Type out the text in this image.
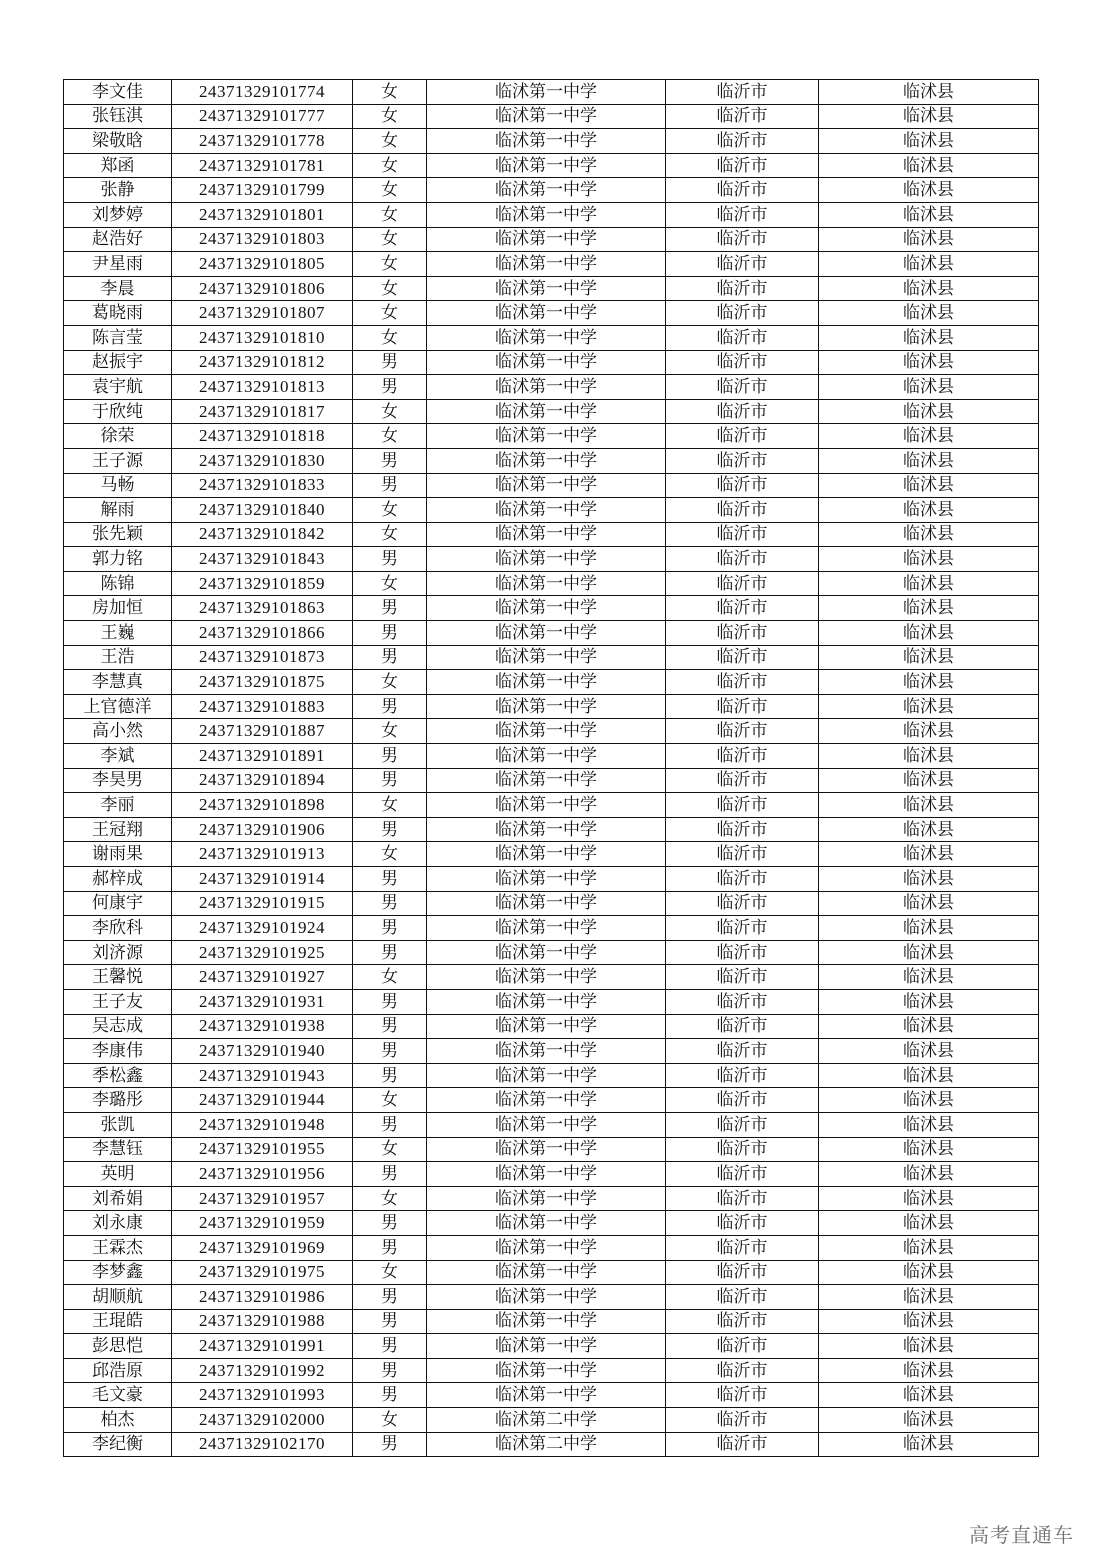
李文佳	24371329101774	女	临沭第一中学	临沂市	临沭县
张钰淇	24371329101777	女	临沭第一中学	临沂市	临沭县
梁敬晗	24371329101778	女	临沭第一中学	临沂市	临沭县
郑函	24371329101781	女	临沭第一中学	临沂市	临沭县
张静	24371329101799	女	临沭第一中学	临沂市	临沭县
刘梦婷	24371329101801	女	临沭第一中学	临沂市	临沭县
赵浩好	24371329101803	女	临沭第一中学	临沂市	临沭县
尹星雨	24371329101805	女	临沭第一中学	临沂市	临沭县
李晨	24371329101806	女	临沭第一中学	临沂市	临沭县
葛晓雨	24371329101807	女	临沭第一中学	临沂市	临沭县
陈言莹	24371329101810	女	临沭第一中学	临沂市	临沭县
赵振宇	24371329101812	男	临沭第一中学	临沂市	临沭县
袁宇航	24371329101813	男	临沭第一中学	临沂市	临沭县
于欣纯	24371329101817	女	临沭第一中学	临沂市	临沭县
徐荣	24371329101818	女	临沭第一中学	临沂市	临沭县
王子源	24371329101830	男	临沭第一中学	临沂市	临沭县
马畅	24371329101833	男	临沭第一中学	临沂市	临沭县
解雨	24371329101840	女	临沭第一中学	临沂市	临沭县
张先颖	24371329101842	女	临沭第一中学	临沂市	临沭县
郭力铭	24371329101843	男	临沭第一中学	临沂市	临沭县
陈锦	24371329101859	女	临沭第一中学	临沂市	临沭县
房加恒	24371329101863	男	临沭第一中学	临沂市	临沭县
王巍	24371329101866	男	临沭第一中学	临沂市	临沭县
王浩	24371329101873	男	临沭第一中学	临沂市	临沭县
李慧真	24371329101875	女	临沭第一中学	临沂市	临沭县
上官德洋	24371329101883	男	临沭第一中学	临沂市	临沭县
高小然	24371329101887	女	临沭第一中学	临沂市	临沭县
李斌	24371329101891	男	临沭第一中学	临沂市	临沭县
李昊男	24371329101894	男	临沭第一中学	临沂市	临沭县
李丽	24371329101898	女	临沭第一中学	临沂市	临沭县
王冠翔	24371329101906	男	临沭第一中学	临沂市	临沭县
谢雨果	24371329101913	女	临沭第一中学	临沂市	临沭县
郝梓成	24371329101914	男	临沭第一中学	临沂市	临沭县
何康宇	24371329101915	男	临沭第一中学	临沂市	临沭县
李欣科	24371329101924	男	临沭第一中学	临沂市	临沭县
刘济源	24371329101925	男	临沭第一中学	临沂市	临沭县
王馨悦	24371329101927	女	临沭第一中学	临沂市	临沭县
王子友	24371329101931	男	临沭第一中学	临沂市	临沭县
吴志成	24371329101938	男	临沭第一中学	临沂市	临沭县
李康伟	24371329101940	男	临沭第一中学	临沂市	临沭县
季松鑫	24371329101943	男	临沭第一中学	临沂市	临沭县
李璐彤	24371329101944	女	临沭第一中学	临沂市	临沭县
张凯	24371329101948	男	临沭第一中学	临沂市	临沭县
李慧钰	24371329101955	女	临沭第一中学	临沂市	临沭县
英明	24371329101956	男	临沭第一中学	临沂市	临沭县
刘希娟	24371329101957	女	临沭第一中学	临沂市	临沭县
刘永康	24371329101959	男	临沭第一中学	临沂市	临沭县
王霖杰	24371329101969	男	临沭第一中学	临沂市	临沭县
李梦鑫	24371329101975	女	临沭第一中学	临沂市	临沭县
胡顺航	24371329101986	男	临沭第一中学	临沂市	临沭县
王琨皓	24371329101988	男	临沭第一中学	临沂市	临沭县
彭思恺	24371329101991	男	临沭第一中学	临沂市	临沭县
邱浩原	24371329101992	男	临沭第一中学	临沂市	临沭县
毛文豪	24371329101993	男	临沭第一中学	临沂市	临沭县
柏杰	24371329102000	女	临沭第二中学	临沂市	临沭县
李纪衡	24371329102170	男	临沭第二中学	临沂市	临沭县
高考直通车
